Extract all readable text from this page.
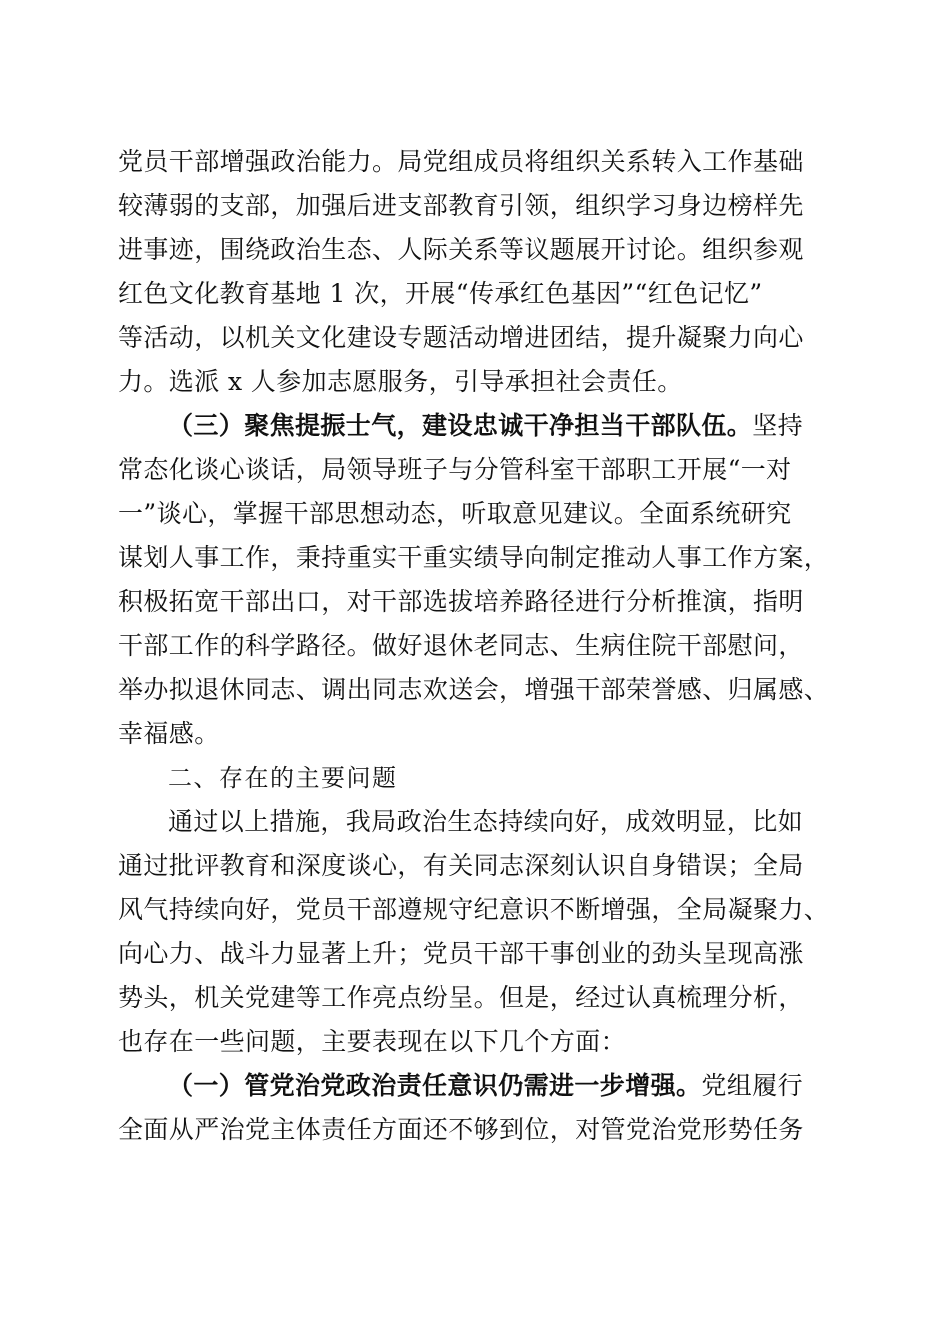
党员干部增强政治能力。局党组成员将组织关系转入工作基础
较薄弱的支部，加强后进支部教育引领，组织学习身边榜样先
进事迹，围绕政治生态、人际关系等议题展开讨论。组织参观
红色文化教育基地 1 次，开展“传承红色基因”“红色记忆”
等活动，以机关文化建设专题活动增进团结，提升凝聚力向心
力。选派 x 人参加志愿服务，引导承担社会责任。
（三）聚焦提振士气，建设忠诚干净担当干部队伍。坚持
常态化谈心谈话，局领导班子与分管科室干部职工开展“一对
一”谈心，掌握干部思想动态，听取意见建议。全面系统研究
谋划人事工作，秉持重实干重实绩导向制定推动人事工作方案，
积极拓宽干部出口，对干部选拔培养路径进行分析推演，指明
干部工作的科学路径。做好退休老同志、生病住院干部慰问，
举办拟退休同志、调出同志欢送会，增强干部荣誉感、归属感、
幸福感。
二、存在的主要问题
通过以上措施，我局政治生态持续向好，成效明显，比如
通过批评教育和深度谈心，有关同志深刻认识自身错误；全局
风气持续向好，党员干部遵规守纪意识不断增强，全局凝聚力、
向心力、战斗力显著上升；党员干部干事创业的劲头呈现高涨
势头，机关党建等工作亮点纷呈。但是，经过认真梳理分析，
也存在一些问题，主要表现在以下几个方面：
（一）管党治党政治责任意识仍需进一步增强。党组履行
全面从严治党主体责任方面还不够到位，对管党治党形势任务
